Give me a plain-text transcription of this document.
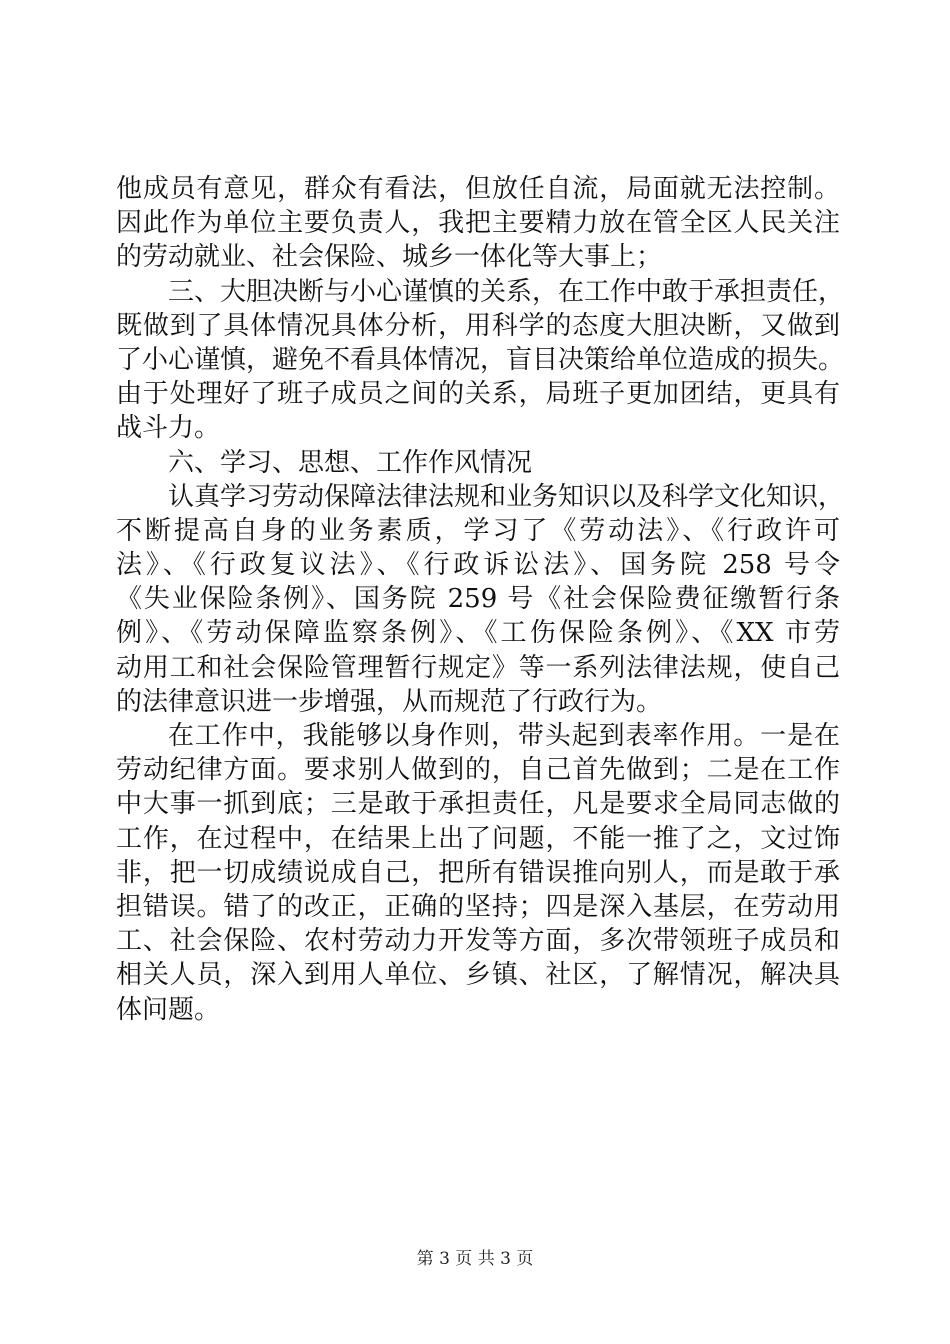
他成员有意见，群众有看法，但放任自流，局面就无法控制。
因此作为单位主要负责人，我把主要精力放在管全区人民关注
的劳动就业、社会保险、城乡一体化等大事上；
三、大胆决断与小心谨慎的关系，在工作中敢于承担责任，
既做到了具体情况具体分析，用科学的态度大胆决断，又做到
了小心谨慎，避免不看具体情况，盲目决策给单位造成的损失。
由于处理好了班子成员之间的关系，局班子更加团结，更具有
战斗力。
六、学习、思想、工作作风情况
认真学习劳动保障法律法规和业务知识以及科学文化知识，
不断提高自身的业务素质，学习了《劳动法》、《行政许可
法》、《行政复议法》、《行政诉讼法》、国务院 258 号令
《失业保险条例》、国务院 259 号《社会保险费征缴暂行条
例》、《劳动保障监察条例》、《工伤保险条例》、《XX 市劳
动用工和社会保险管理暂行规定》等一系列法律法规，使自己
的法律意识进一步增强，从而规范了行政行为。
在工作中，我能够以身作则，带头起到表率作用。一是在
劳动纪律方面。要求别人做到的，自己首先做到；二是在工作
中大事一抓到底；三是敢于承担责任，凡是要求全局同志做的
工作，在过程中，在结果上出了问题，不能一推了之，文过饰
非，把一切成绩说成自己，把所有错误推向别人，而是敢于承
担错误。错了的改正，正确的坚持；四是深入基层，在劳动用
工、社会保险、农村劳动力开发等方面，多次带领班子成员和
相关人员，深入到用人单位、乡镇、社区，了解情况，解决具
体问题。
第 3 页 共 3 页
